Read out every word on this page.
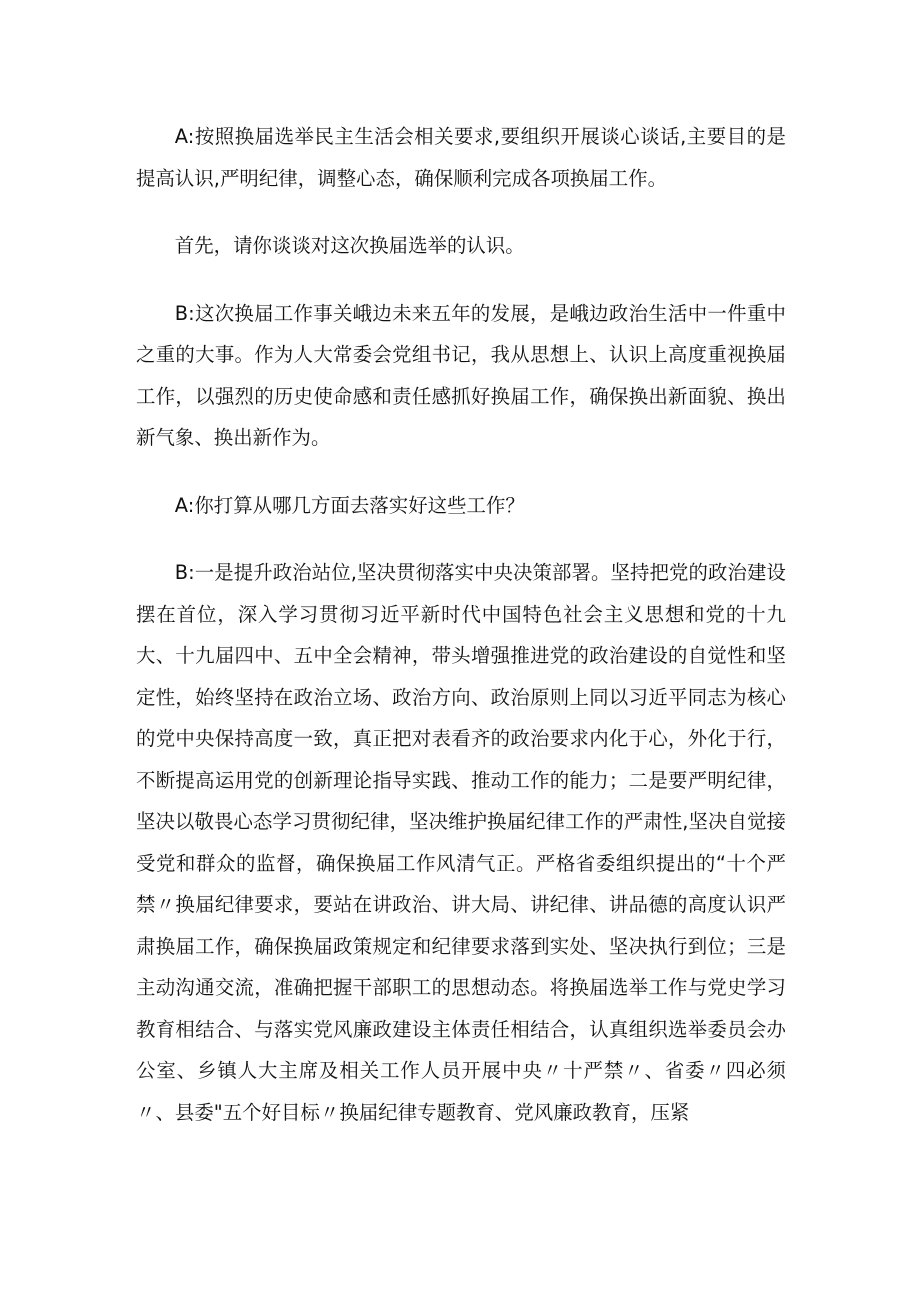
A:按照换届选举民主生活会相关要求,要组织开展谈心谈话,主要目的是提高认识,严明纪律，调整心态，确保顺利完成各项换届工作。

首先，请你谈谈对这次换届选举的认识。

B:这次换届工作事关峨边未来五年的发展，是峨边政治生活中一件重中之重的大事。作为人大常委会党组书记，我从思想上、认识上高度重视换届工作，以强烈的历史使命感和责任感抓好换届工作，确保换出新面貌、换出新气象、换出新作为。

A:你打算从哪几方面去落实好这些工作？

B:一是提升政治站位,坚决贯彻落实中央决策部署。坚持把党的政治建设摆在首位，深入学习贯彻习近平新时代中国特色社会主义思想和党的十九大、十九届四中、五中全会精神，带头增强推进党的政治建设的自觉性和坚定性，始终坚持在政治立场、政治方向、政治原则上同以习近平同志为核心的党中央保持高度一致，真正把对表看齐的政治要求内化于心，外化于行，不断提高运用党的创新理论指导实践、推动工作的能力；二是要严明纪律，坚决以敬畏心态学习贯彻纪律，坚决维护换届纪律工作的严肃性,坚决自觉接受党和群众的监督，确保换届工作风清气正。严格省委组织提出的“十个严禁〃换届纪律要求，要站在讲政治、讲大局、讲纪律、讲品德的高度认识严肃换届工作，确保换届政策规定和纪律要求落到实处、坚决执行到位；三是主动沟通交流，准确把握干部职工的思想动态。将换届选举工作与党史学习教育相结合、与落实党风廉政建设主体责任相结合，认真组织选举委员会办公室、乡镇人大主席及相关工作人员开展中央〃十严禁〃、省委〃四必须〃、县委"五个好目标〃换届纪律专题教育、党风廉政教育，压紧
